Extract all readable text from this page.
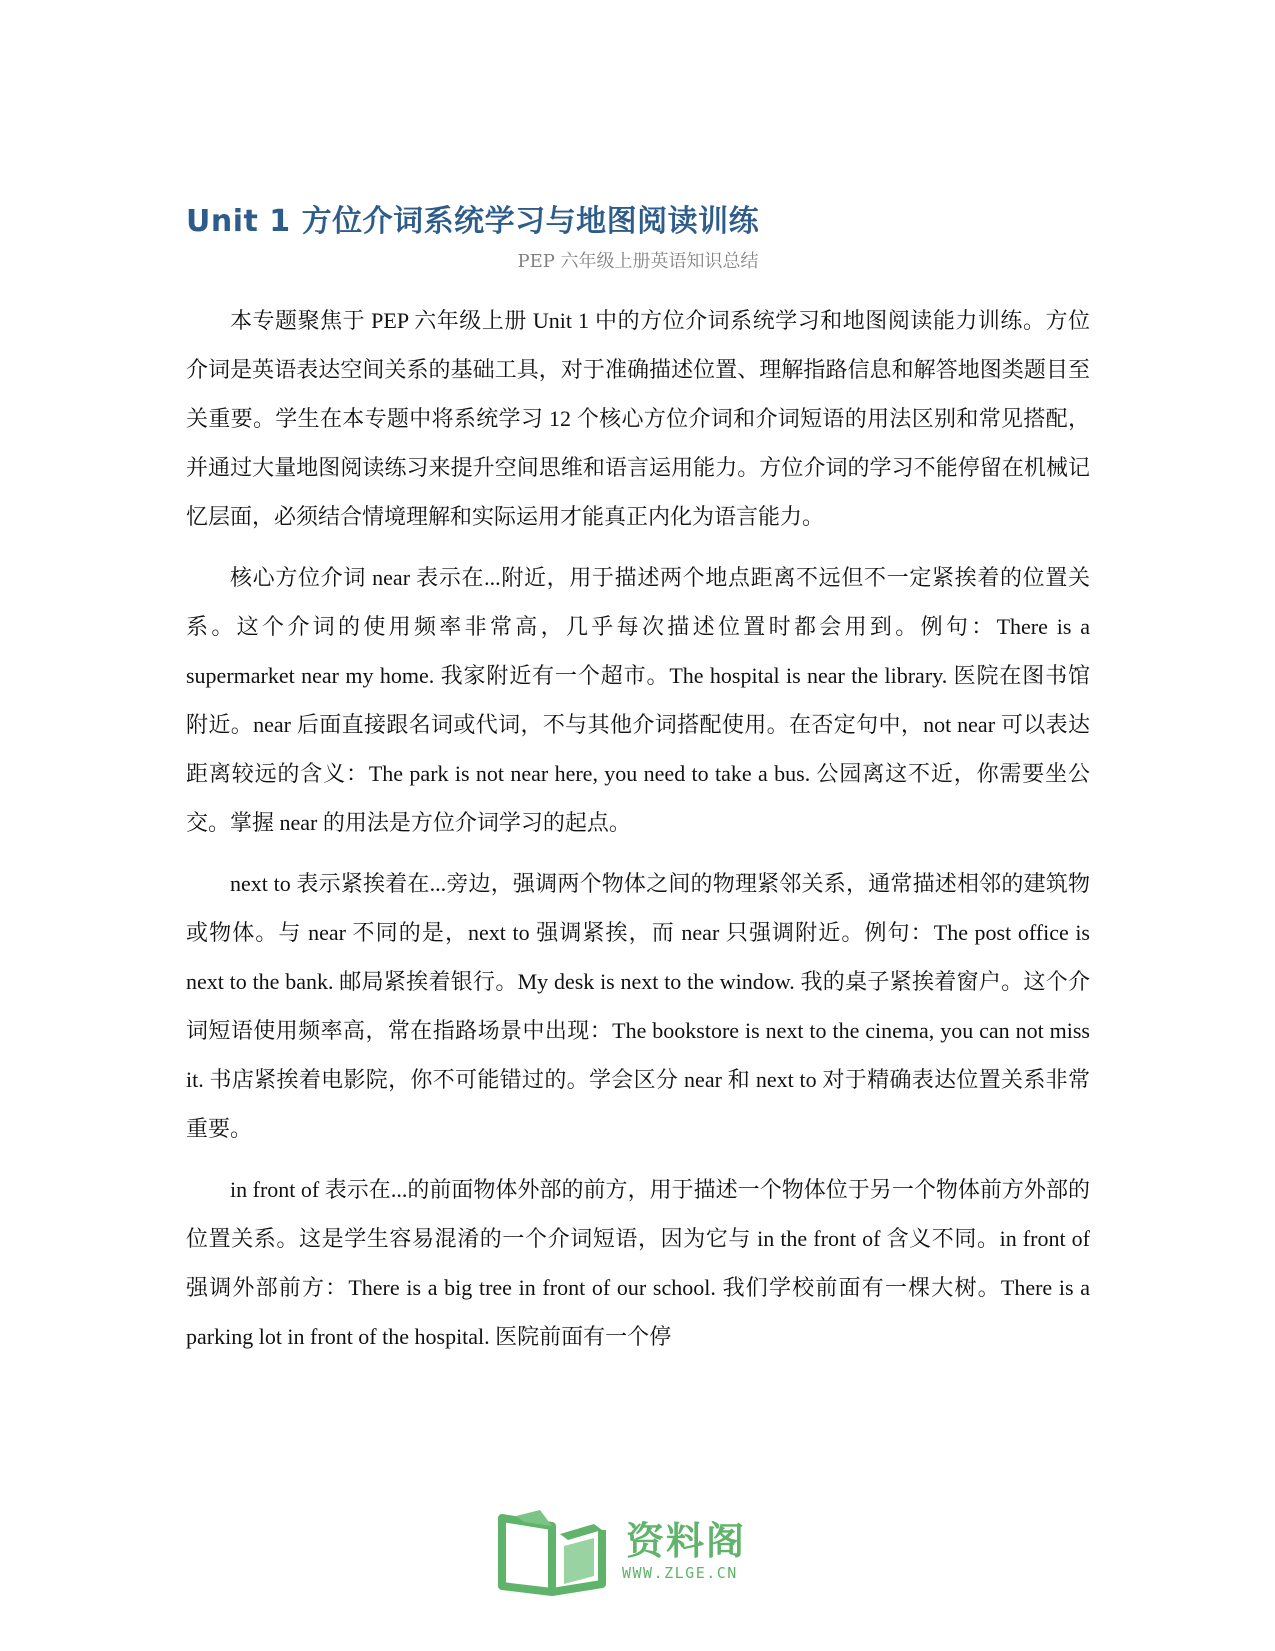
Unit 1 方位介词系统学习与地图阅读训练
PEP 六年级上册英语知识总结

本专题聚焦于 PEP 六年级上册 Unit 1 中的方位介词系统学习和地图阅读能力训练。方位介词是英语表达空间关系的基础工具，对于准确描述位置、理解指路信息和解答地图类题目至关重要。学生在本专题中将系统学习 12 个核心方位介词和介词短语的用法区别和常见搭配，并通过大量地图阅读练习来提升空间思维和语言运用能力。方位介词的学习不能停留在机械记忆层面，必须结合情境理解和实际运用才能真正内化为语言能力。

核心方位介词 near 表示在...附近，用于描述两个地点距离不远但不一定紧挨着的位置关系。这个介词的使用频率非常高，几乎每次描述位置时都会用到。例句：There is a supermarket near my home. 我家附近有一个超市。The hospital is near the library. 医院在图书馆附近。near 后面直接跟名词或代词，不与其他介词搭配使用。在否定句中，not near 可以表达距离较远的含义：The park is not near here, you need to take a bus. 公园离这不近，你需要坐公交。掌握 near 的用法是方位介词学习的起点。

next to 表示紧挨着在...旁边，强调两个物体之间的物理紧邻关系，通常描述相邻的建筑物或物体。与 near 不同的是，next to 强调紧挨，而 near 只强调附近。例句：The post office is next to the bank. 邮局紧挨着银行。My desk is next to the window. 我的桌子紧挨着窗户。这个介词短语使用频率高，常在指路场景中出现：The bookstore is next to the cinema, you can not miss it. 书店紧挨着电影院，你不可能错过的。学会区分 near 和 next to 对于精确表达位置关系非常重要。

in front of 表示在...的前面物体外部的前方，用于描述一个物体位于另一个物体前方外部的位置关系。这是学生容易混淆的一个介词短语，因为它与 in the front of 含义不同。in front of 强调外部前方：There is a big tree in front of our school. 我们学校前面有一棵大树。There is a parking lot in front of the hospital. 医院前面有一个停

资料阁
WWW.ZLGE.CN
